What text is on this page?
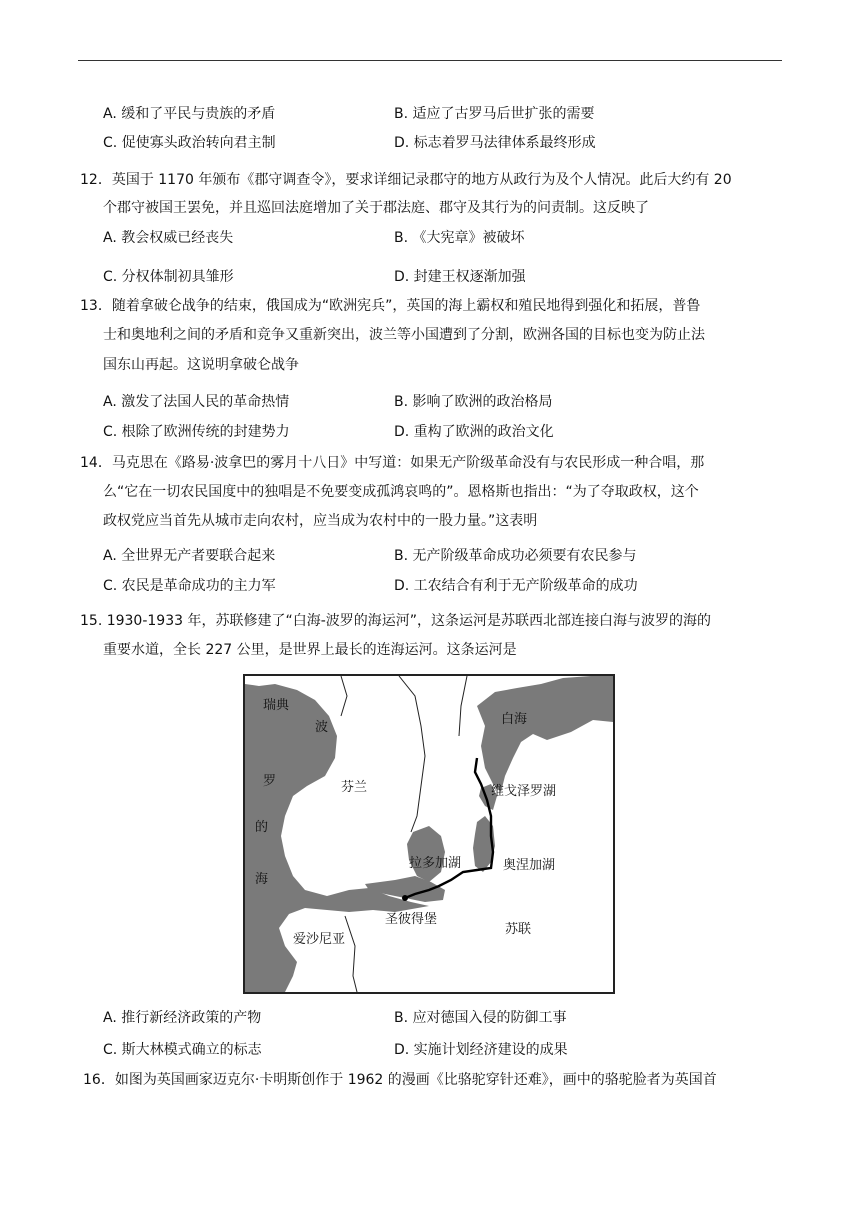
A. 缓和了平民与贵族的矛盾	B. 适应了古罗马后世扩张的需要
C. 促使寡头政治转向君主制	D. 标志着罗马法律体系最终形成
12．英国于 1170 年颁布《郡守调查令》，要求详细记录郡守的地方从政行为及个人情况。此后大约有 20
个郡守被国王罢免，并且巡回法庭增加了关于郡法庭、郡守及其行为的问责制。这反映了
A. 教会权威已经丧失	B. 《大宪章》被破坏
C. 分权体制初具雏形	D. 封建王权逐渐加强
13．随着拿破仑战争的结束，俄国成为“欧洲宪兵”，英国的海上霸权和殖民地得到强化和拓展，普鲁
士和奥地利之间的矛盾和竞争又重新突出，波兰等小国遭到了分割，欧洲各国的目标也变为防止法
国东山再起。这说明拿破仑战争
A. 激发了法国人民的革命热情	B. 影响了欧洲的政治格局
C. 根除了欧洲传统的封建势力	D. 重构了欧洲的政治文化
14．马克思在《路易·波拿巴的雾月十八日》中写道：如果无产阶级革命没有与农民形成一种合唱，那
么“它在一切农民国度中的独唱是不免要变成孤鸿哀鸣的”。恩格斯也指出：“为了夺取政权，这个
政权党应当首先从城市走向农村，应当成为农村中的一股力量。”这表明
A. 全世界无产者要联合起来	B. 无产阶级革命成功必须要有农民参与
C. 农民是革命成功的主力军	D. 工农结合有利于无产阶级革命的成功
15. 1930-1933 年，苏联修建了“白海-波罗的海运河”，这条运河是苏联西北部连接白海与波罗的海的
重要水道，全长 227 公里，是世界上最长的连海运河。这条运河是
瑞典
波
罗
的
海
芬兰
白海
维戈泽罗湖
拉多加湖	奥涅加湖
圣彼得堡
苏联
爱沙尼亚
A. 推行新经济政策的产物	B. 应对德国入侵的防御工事
C. 斯大林模式确立的标志	D. 实施计划经济建设的成果
16．如图为英国画家迈克尔·卡明斯创作于 1962 的漫画《比骆驼穿针还难》，画中的骆驼脸者为英国首
